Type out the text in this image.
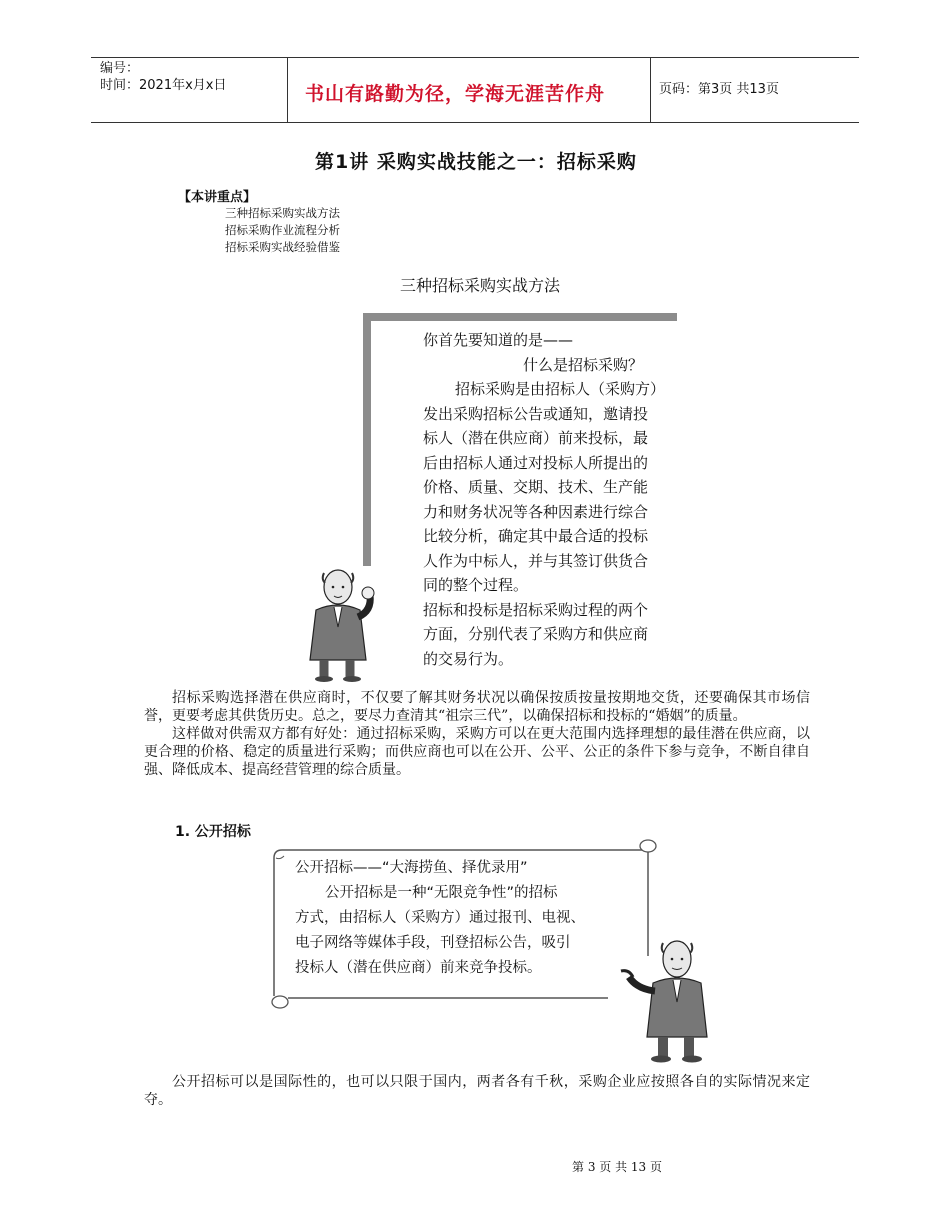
编号：
时间：2021年x月x日	书山有路勤为径，学海无涯苦作舟	页码：第3页 共13页
第1讲 采购实战技能之一：招标采购
【本讲重点】
三种招标采购实战方法
招标采购作业流程分析
招标采购实战经验借鉴
三种招标采购实战方法
你首先要知道的是——
什么是招标采购？
招标采购是由招标人（采购方）
发出采购招标公告或通知，邀请投
标人（潜在供应商）前来投标，最
后由招标人通过对投标人所提出的
价格、质量、交期、技术、生产能
力和财务状况等各种因素进行综合
比较分析，确定其中最合适的投标
人作为中标人，并与其签订供货合
同的整个过程。
招标和投标是招标采购过程的两个
方面，分别代表了采购方和供应商
的交易行为。

招标采购选择潜在供应商时，不仅要了解其财务状况以确保按质按量按期地交货，还要确保其市场信誉，更要考虑其供货历史。总之，要尽力查清其“祖宗三代”，以确保招标和投标的“婚姻”的质量。

这样做对供需双方都有好处：通过招标采购，采购方可以在更大范围内选择理想的最佳潜在供应商，以更合理的价格、稳定的质量进行采购；而供应商也可以在公开、公平、公正的条件下参与竞争，不断自律自强、降低成本、提高经营管理的综合质量。

1. 公开招标
公开招标——“大海捞鱼、择优录用”
公开招标是一种“无限竞争性”的招标
方式，由招标人（采购方）通过报刊、电视、
电子网络等媒体手段，刊登招标公告，吸引
投标人（潜在供应商）前来竞争投标。

公开招标可以是国际性的，也可以只限于国内，两者各有千秋，采购企业应按照各自的实际情况来定夺。

第 3 页 共 13 页
